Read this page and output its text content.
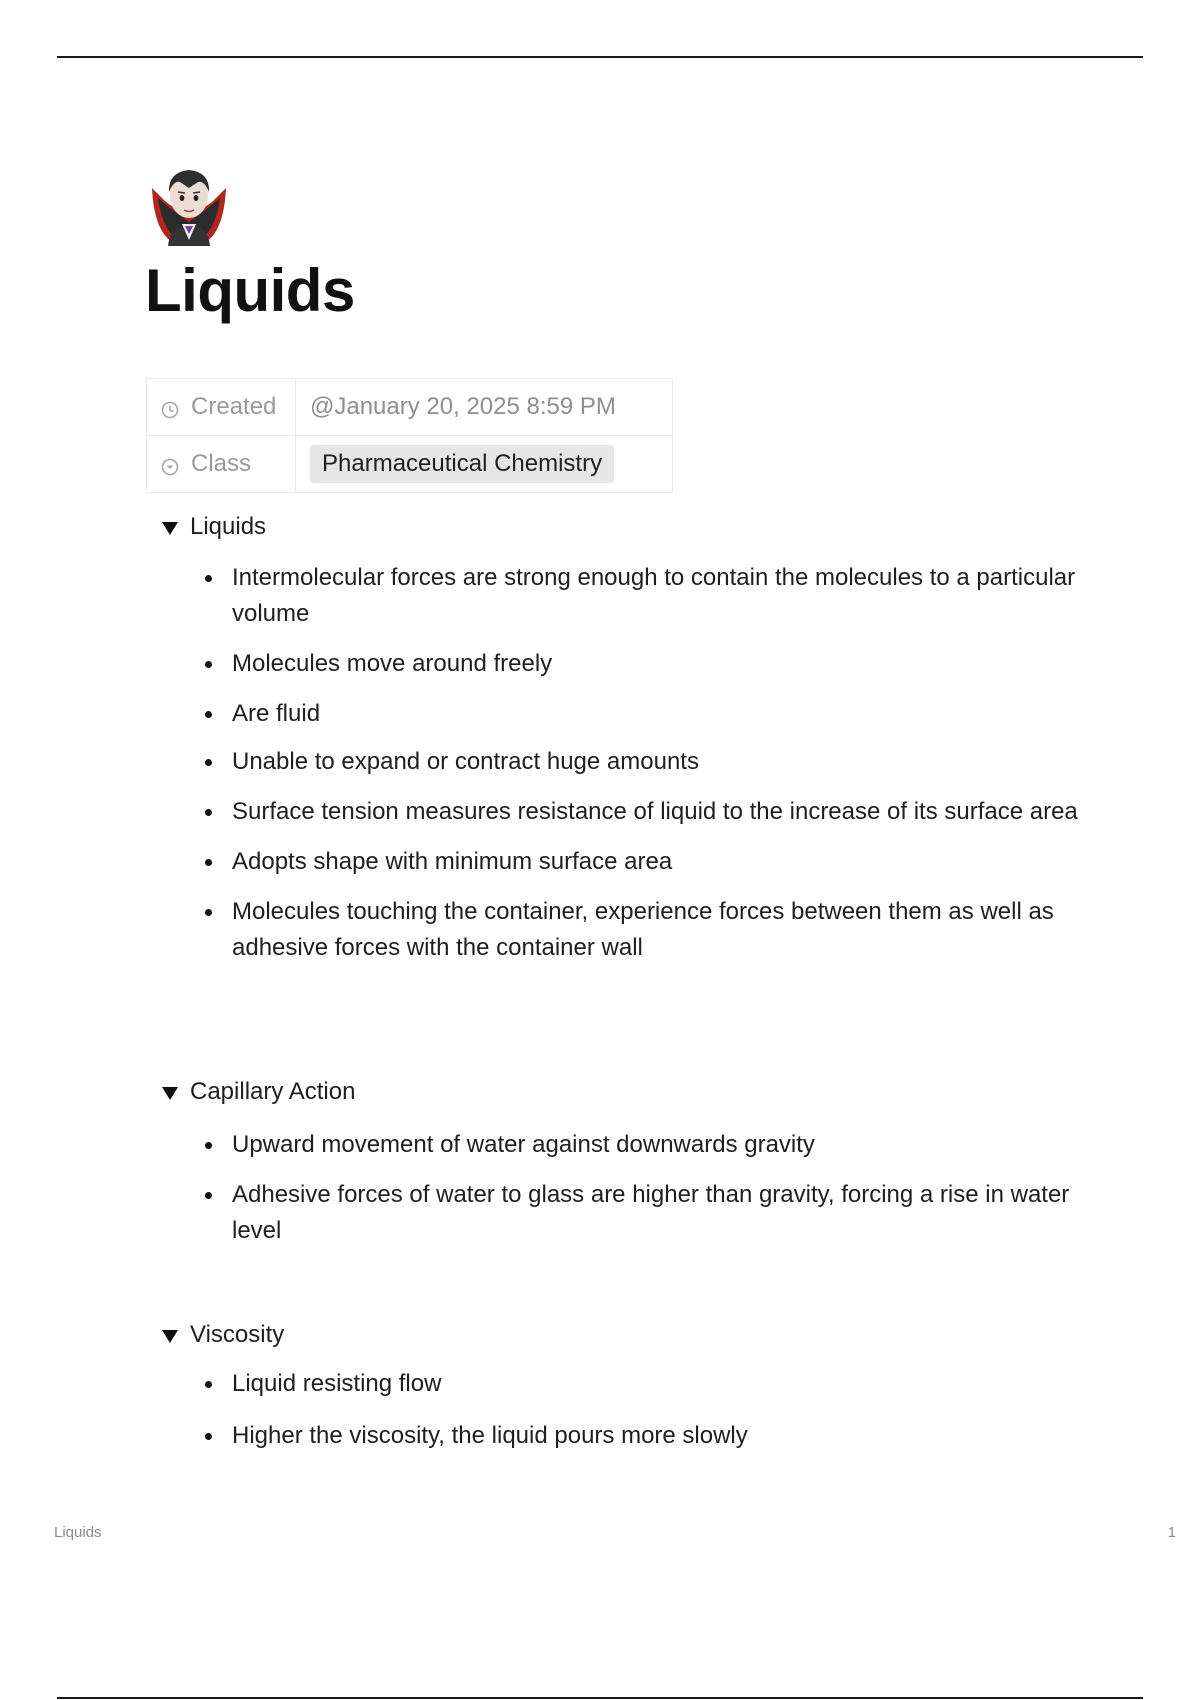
Liquids
Created	@January 20, 2025 8:59 PM

Class	Pharmaceutical Chemistry
Liquids
Intermolecular forces are strong enough to contain the molecules to a particular volume
Molecules move around freely
Are fluid
Unable to expand or contract huge amounts
Surface tension measures resistance of liquid to the increase of its surface area
Adopts shape with minimum surface area
Molecules touching the container, experience forces between them as well as adhesive forces with the container wall
Capillary Action
Upward movement of water against downwards gravity
Adhesive forces of water to glass are higher than gravity, forcing a rise in water level
Viscosity
Liquid resisting flow
Higher the viscosity, the liquid pours more slowly
Liquids	1
